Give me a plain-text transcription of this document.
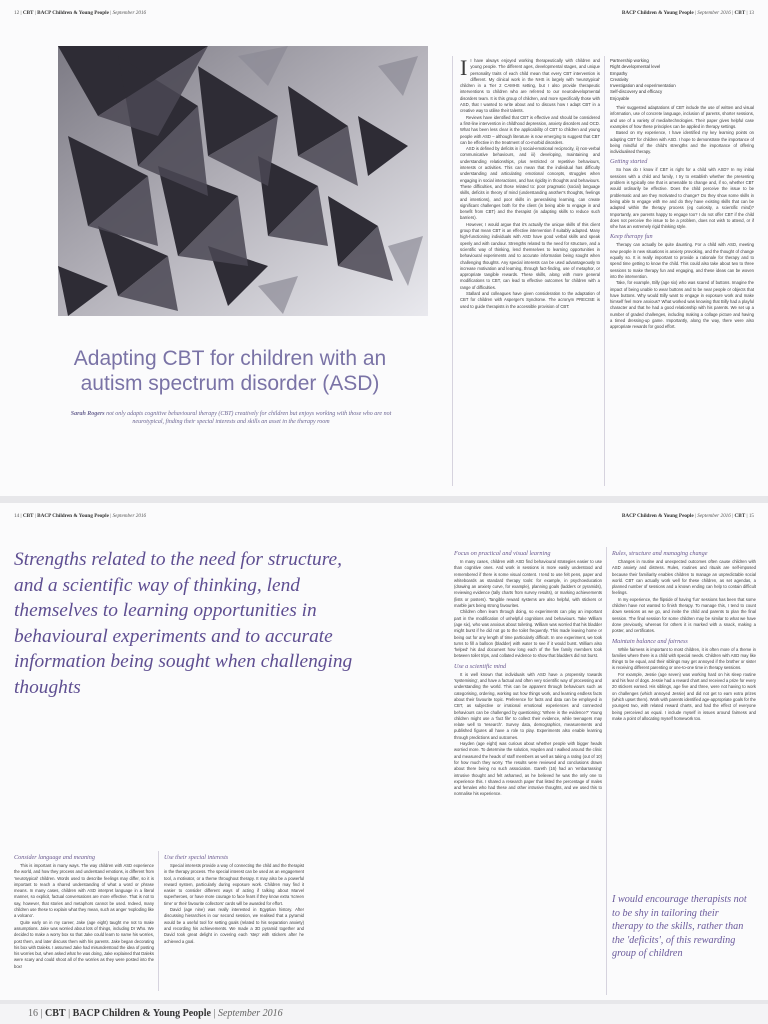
12 | CBT | BACP Children & Young People | September 2016	BACP Children & Young People | September 2016 | CBT | 13
Adapting CBT for children with an autism spectrum disorder (ASD)
Sarah Rogers not only adapts cognitive behavioural therapy (CBT) creatively for children but enjoys working with those who are not neurotypical, finding their special interests and skills an asset in the therapy room

I I have always enjoyed working therapeutically with children and young people. The different ages, developmental stages, and unique personality traits of each child mean that every CBT intervention is different. My clinical work in the NHS is largely with 'neurotypical' children in a Tier 2 CAMHS setting, but I also provide therapeutic interventions to children who are referred to our neurodevelopmental disorders team. It is this group of children, and more specifically those with ASD, that I wanted to write about and to discuss how I adapt CBT in a creative way to utilise their talents.

Reviews have identified that CBT is effective and should be considered a first-line intervention in childhood depression, anxiety disorders and OCD. What has been less clear is the applicability of CBT to children and young people with ASD – although literature is now emerging to suggest that CBT can be effective in the treatment of co-morbid disorders.

ASD is defined by deficits in i) social-emotional reciprocity, ii) non-verbal communicative behaviours, and iii) developing, maintaining and understanding relationships, plus restricted or repetitive behaviours, interests or activities. This can mean that the individual has difficulty understanding and articulating emotional concepts, struggles when engaging in social interactions, and has rigidity in thoughts and behaviours. These difficulties, and those related to: poor pragmatic (social) language skills, deficits in theory of mind (understanding another's thoughts, feelings and intentions), and poor skills in generalising learning, can create significant challenges both for the client (in being able to engage in and benefit from CBT) and the therapist (in adapting skills to reduce such barriers).

However, I would argue that it's actually the unique skills of this client group that mean CBT is an effective intervention if suitably adapted. Many high-functioning individuals with ASD have good verbal skills and speak openly and with candour. Strengths related to the need for structure, and a scientific way of thinking, lend themselves to learning opportunities in behavioural experiments and to accurate information being sought when challenging thoughts. Any special interests can be used advantageously to increase motivation and learning, through fact-finding, use of metaphor, or appropriate tangible rewards. These skills, along with more general modifications to CBT, can lead to effective outcomes for children with a range of difficulties.

Stallard and colleagues have given consideration to the adaptation of CBT for children with Asperger's Syndrome. The acronym PRECISE is used to guide therapists in the accessible provision of CBT:

Partnership working
Right developmental level
Empathy
Creativity
Investigation and experimentation
Self-discovery and efficacy
Enjoyable

Their suggested adaptations of CBT include the use of written and visual information, use of concrete language, inclusion of parents, shorter sessions, and use of a variety of media/technologies. Their paper gives helpful case examples of how these principles can be applied in therapy settings.

Based on my experience, I have identified my key learning points on adapting CBT for children with ASD. I hope to demonstrate the importance of being mindful of the child's strengths and the importance of offering individualised therapy.

Getting started

So how do I know if CBT is right for a child with ASD? In my initial sessions with a child and family, I try to establish whether the presenting problem is typically one that is amenable to change and, if so, whether CBT would ordinarily be effective. Does the child perceive the issue to be problematic and are they motivated to change? Do they show some skills in being able to engage with me and do they have existing skills that can be adapted within the therapy process (eg curiosity, a scientific mind)? Importantly, are parents happy to engage too? I do not offer CBT if the child does not perceive the issue to be a problem, does not wish to attend, or if s/he has an extremely rigid thinking style.

Keep therapy fun

Therapy can actually be quite daunting. For a child with ASD, meeting new people in new situations is anxiety provoking, and the thought of change equally so. It is really important to provide a rationale for therapy and to spend time getting to know the child. This could also take about two to three sessions to make therapy fun and engaging, and these ideas can be woven into the intervention.

Take, for example, Billy (age six) who was scared of buttons. Imagine the impact of being unable to wear buttons and to be near people or objects that have buttons. Why would Billy want to engage in exposure work and make himself feel more anxious? What worked was knowing that Billy had a playful character and that he had a good relationship with his parents. We set up a number of graded challenges, including making a collage picture and having a timed dressing-up game. Importantly, along the way, there were also appropriate rewards for good effort.

14 | CBT | BACP Children & Young People | September 2016	BACP Children & Young People | September 2016 | CBT | 15
Strengths related to the need for structure, and a scientific way of thinking, lend themselves to learning opportunities in behavioural experiments and to accurate information being sought when challenging thoughts
Consider language and meaning

This is important in many ways. The way children with ASD experience the world, and how they process and understand emotions, is different from 'neurotypical' children. Words used to describe feelings may differ, so it is important to reach a shared understanding of what a word or phrase means. In many cases, children with ASD interpret language in a literal manner, so explicit, factual conversations are more effective. That is not to say, however, that stories and metaphors cannot be used. Indeed, many children use these to explain what they mean, such as anger 'exploding like a volcano'.

Quite early on in my career, Jake (age eight) taught me not to make assumptions. Jake was worried about lots of things, including Dr Who. We decided to make a worry box so that Jake could learn to name his worries, post them, and later discuss them with his parents. Jake began decorating his box with Daleks. I assumed Jake had misunderstood the idea of posting his worries but, when asked what he was doing, Jake explained that Daleks were scary and could shoot all of the worries as they were posted into the box!

Use their special interests

Special interests provide a way of connecting the child and the therapist in the therapy process. The special interest can be used as an engagement tool, a motivator, or a theme throughout therapy. It may also be a powerful reward system, particularly during exposure work. Children may find it easier to consider different ways of acting if talking about Marvel superheroes, or have more courage to face fears if they know extra 'screen time' or their favourite collectors' cards will be awarded for effort.

David (age nine) was really interested in Egyptian history. After discussing hierarchies in our second session, we realised that a pyramid would be a useful tool for setting goals (related to his separation anxiety) and recording his achievements. We made a 3D pyramid together and David took great delight in covering each 'step' with stickers after he achieved a goal.

Focus on practical and visual learning

In many cases, children with ASD find behavioural strategies easier to use than cognitive ones. And work in sessions is more easily understood and remembered if there is some visual content. I tend to use felt pens, paper and whiteboards as standard therapy tools: for example, in psychoeducation (drawing an anxiety curve, for example), planning goals (ladders or pyramids), reviewing evidence (tally charts from survey results), or marking achievements (lists or posters). Tangible reward systems are also helpful, with stickers or marble jars being strong favourites.

Children often learn through doing, so experiments can play an important part in the modification of unhelpful cognitions and behaviours. Take William (age six), who was anxious about toileting. William was worried that his bladder might burst if he did not go to the toilet frequently. This made leaving home or being out for any length of time particularly difficult. In one experiment, we took turns to fill a balloon (bladder) with water to see if it would burst. William also 'helped' his dad document how long each of the five family members took between toilet trips, and collated evidence to show that bladders did not burst.

Use a scientific mind

It is well known that individuals with ASD have a propensity towards 'systemising', and have a factual and often very scientific way of processing and understanding the world. This can be apparent through behaviours such as categorising, ordering, working out how things work, and learning endless facts about their favourite topic. Preference for facts and data can be employed in CBT, as subjective or irrational emotional experiences and connected behaviours can be challenged by questioning: 'Where is the evidence?' Young children might use a 'fact file' to collect their evidence, while teenagers may relate well to 'research'. Survey data, demographics, measurements and published figures all have a role to play. Experiments also enable learning through predictions and outcomes.

Hayden (age eight) was curious about whether people with bigger heads worried more. To determine the solution, Hayden and I walked around the clinic and measured the heads of staff members as well as taking a rating (out of 10) for how much they worry. The results were reviewed and conclusions drawn about there being no such association. Gareth (16) had an 'embarrassing' intrusive thought and felt ashamed, as he believed he was the only one to experience this. I shared a research paper that listed the percentage of males and females who had these and other intrusive thoughts, and we used this to normalise his experience.

Rules, structure and managing change

Changes in routine and unexpected outcomes often cause children with ASD anxiety and distress. Rules, routines and rituals are self-imposed because their familiarity enables children to manage an unpredictable social world. CBT can actually work well for these children, as set agendas, a planned number of sessions and a known ending can help to contain difficult feelings.

In my experience, the flipside of having 'fun' sessions has been that some children have not wanted to finish therapy. To manage this, I tend to count down sessions as we go, and invite the child and parents to plan the final session. The final session for some children may be similar to what we have done previously, whereas for others it is marked with a snack, making a poster, and certificates.

Maintain balance and fairness

While fairness is important to most children, it is often more of a theme in families where there is a child with special needs. Children with ASD may like things to be equal, and their siblings may get annoyed if the brother or sister is receiving different parenting or one-to-one time in therapy sessions.

For example, Jessie (age seven) was working hard on his sleep routine and his fear of dogs. Jessie had a reward chart and received a prize for every 20 stickers earned. His siblings, age five and three, were not having to work on challenges (which annoyed Jessie) and did not get to earn extra prizes (which upset them). Work with parents identified age-appropriate goals for the youngest two, with related reward charts, and had the effect of everyone being perceived as equal. I include myself in issues around fairness and make a point of allocating myself homework too.

I would encourage therapists not to be shy in tailoring their therapy to the skills, rather than the 'deficits', of this rewarding group of children
16 | CBT | BACP Children & Young People | September 2016
